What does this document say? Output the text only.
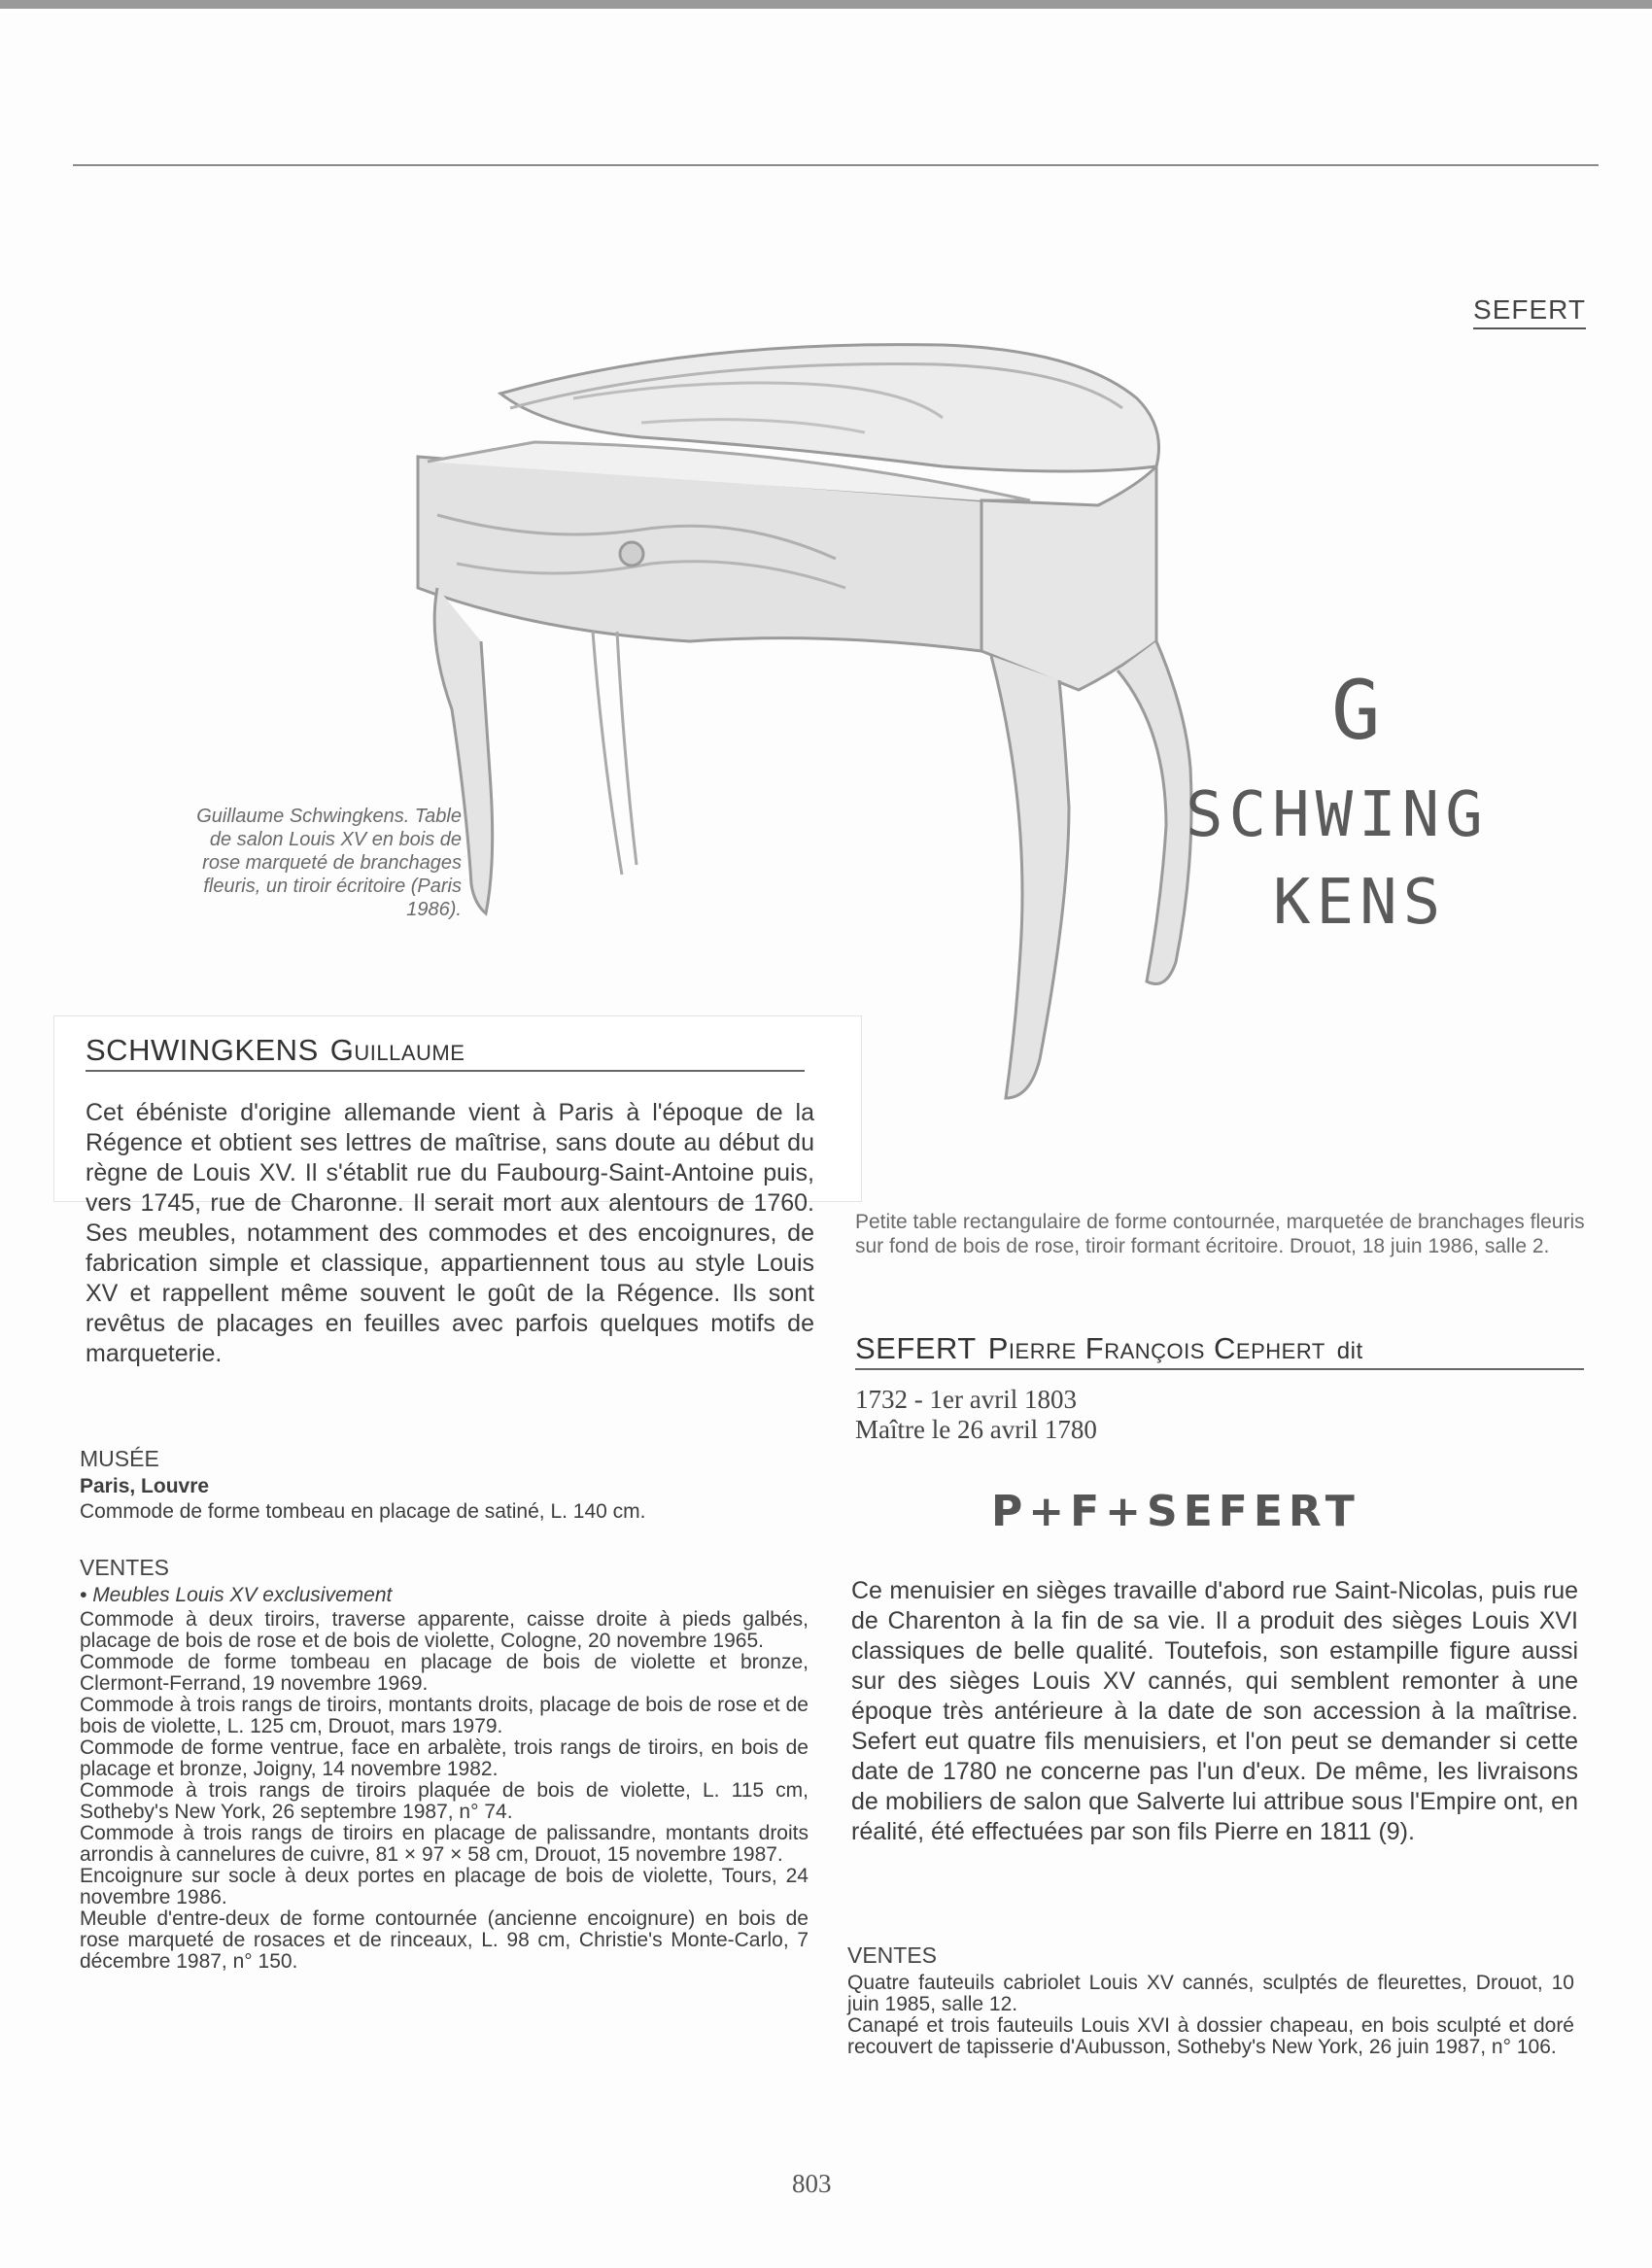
SEFERT
G
SCHWING
KENS
Guillaume Schwingkens. Table de salon Louis XV en bois de rose marqueté de branchages fleuris, un tiroir écritoire (Paris 1986).
SCHWINGKENS Guillaume
Cet ébéniste d'origine allemande vient à Paris à l'époque de la Régence et obtient ses lettres de maîtrise, sans doute au début du règne de Louis XV. Il s'établit rue du Faubourg-Saint-Antoine puis, vers 1745, rue de Charonne. Il serait mort aux alentours de 1760. Ses meubles, notamment des commodes et des encoignures, de fabrication simple et classique, appartiennent tous au style Louis XV et rappellent même souvent le goût de la Régence. Ils sont revêtus de placages en feuilles avec parfois quelques motifs de marqueterie.
MUSÉE
Paris, Louvre
Commode de forme tombeau en placage de satiné, L. 140 cm.
VENTES
• Meubles Louis XV exclusivement
Commode à deux tiroirs, traverse apparente, caisse droite à pieds galbés, placage de bois de rose et de bois de violette, Cologne, 20 novembre 1965.
Commode de forme tombeau en placage de bois de violette et bronze, Clermont-Ferrand, 19 novembre 1969.
Commode à trois rangs de tiroirs, montants droits, placage de bois de rose et de bois de violette, L. 125 cm, Drouot, mars 1979.
Commode de forme ventrue, face en arbalète, trois rangs de tiroirs, en bois de placage et bronze, Joigny, 14 novembre 1982.
Commode à trois rangs de tiroirs plaquée de bois de violette, L. 115 cm, Sotheby's New York, 26 septembre 1987, n° 74.
Commode à trois rangs de tiroirs en placage de palissandre, montants droits arrondis à cannelures de cuivre, 81 × 97 × 58 cm, Drouot, 15 novembre 1987.
Encoignure sur socle à deux portes en placage de bois de violette, Tours, 24 novembre 1986.
Meuble d'entre-deux de forme contournée (ancienne encoignure) en bois de rose marqueté de rosaces et de rinceaux, L. 98 cm, Christie's Monte-Carlo, 7 décembre 1987, n° 150.
Petite table rectangulaire de forme contournée, marquetée de branchages fleuris sur fond de bois de rose, tiroir formant écritoire. Drouot, 18 juin 1986, salle 2.
SEFERT Pierre François Cephert dit
1732 - 1er avril 1803
Maître le 26 avril 1780
P+F+SEFERT
Ce menuisier en sièges travaille d'abord rue Saint-Nicolas, puis rue de Charenton à la fin de sa vie. Il a produit des sièges Louis XVI classiques de belle qualité. Toutefois, son estampille figure aussi sur des sièges Louis XV cannés, qui semblent remonter à une époque très antérieure à la date de son accession à la maîtrise. Sefert eut quatre fils menuisiers, et l'on peut se demander si cette date de 1780 ne concerne pas l'un d'eux. De même, les livraisons de mobiliers de salon que Salverte lui attribue sous l'Empire ont, en réalité, été effectuées par son fils Pierre en 1811 (9).
VENTES
Quatre fauteuils cabriolet Louis XV cannés, sculptés de fleurettes, Drouot, 10 juin 1985, salle 12.
Canapé et trois fauteuils Louis XVI à dossier chapeau, en bois sculpté et doré recouvert de tapisserie d'Aubusson, Sotheby's New York, 26 juin 1987, n° 106.
803
